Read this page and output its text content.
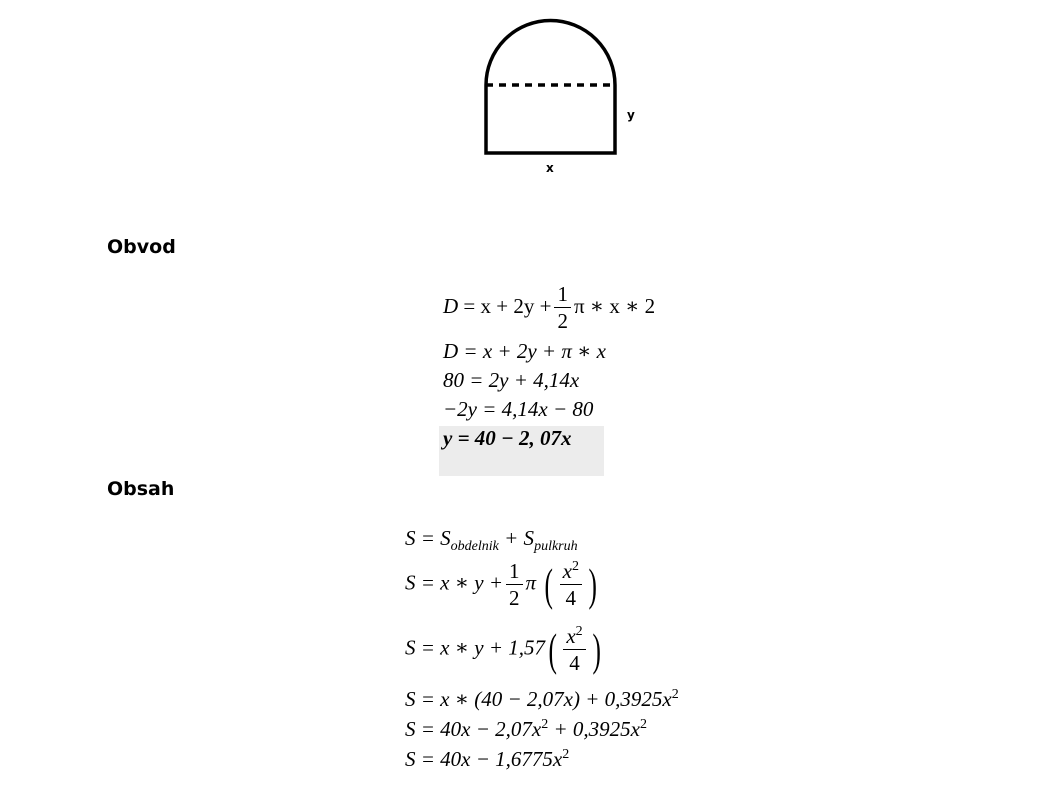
y
x
Obvod
$D = x + 2y + \frac{1}{2}$ π ∗ x ∗ 2
D = x + 2y + π ∗ x
80 = 2y + 4,14x
−2y = 4,14x − 80
y = 40 − 2, 07x
Obsah
$S = S_{obdelnik} + S_{pulkruh}$
S = x ∗ $y + \frac{1}{2}$ π ( $\frac{x^2}{4}$ )
S = x ∗ $y + 1,57( \frac{x^2}{4}$ )
S = x ∗ $(40 - 2,07x) + 0,3925x^2$
$S = 40x - 2,07x^2 + 0,3925x^2$
$S = 40x - 1,6775x^2$
